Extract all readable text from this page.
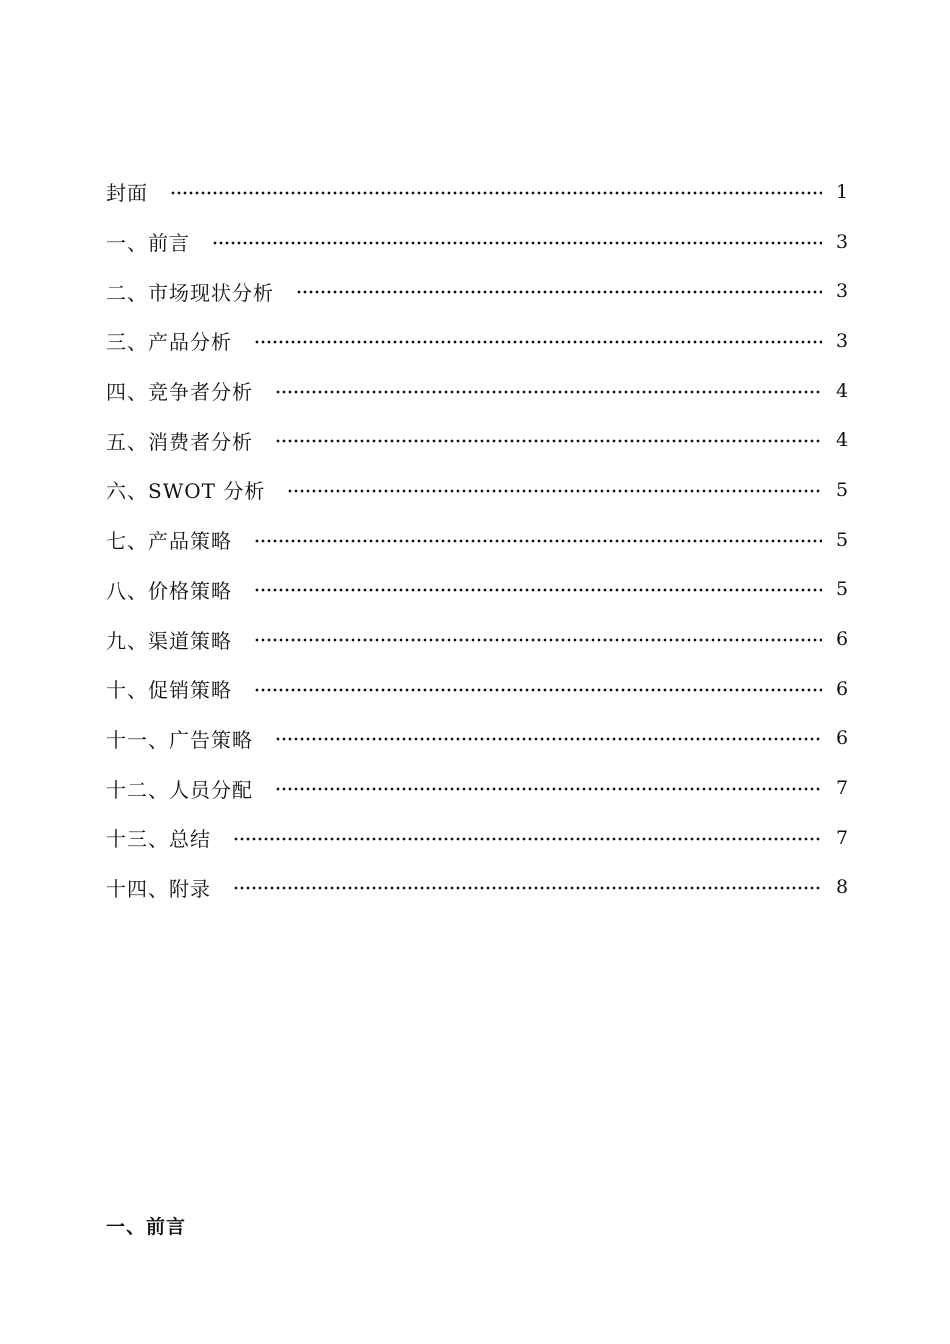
封面	1
一、前言	3
二、市场现状分析	3
三、产品分析	3
四、竞争者分析	4
五、消费者分析	4
六、SWOT 分析	5
七、产品策略	5
八、价格策略	5
九、渠道策略	6
十、促销策略	6
十一、广告策略	6
十二、人员分配	7
十三、总结	7
十四、附录	8
一、前言
